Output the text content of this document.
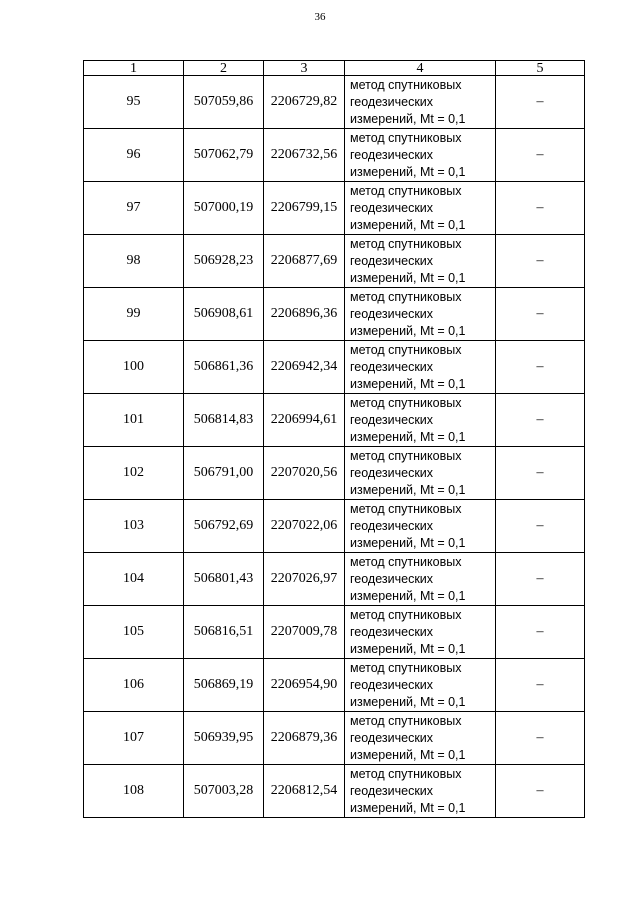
36
1	2	3	4	5
95	507059,86	2206729,82	метод спутниковых
геодезических
измерений, Mt = 0,1	–
96	507062,79	2206732,56	метод спутниковых
геодезических
измерений, Mt = 0,1	–
97	507000,19	2206799,15	метод спутниковых
геодезических
измерений, Mt = 0,1	–
98	506928,23	2206877,69	метод спутниковых
геодезических
измерений, Mt = 0,1	–
99	506908,61	2206896,36	метод спутниковых
геодезических
измерений, Mt = 0,1	–
100	506861,36	2206942,34	метод спутниковых
геодезических
измерений, Mt = 0,1	–
101	506814,83	2206994,61	метод спутниковых
геодезических
измерений, Mt = 0,1	–
102	506791,00	2207020,56	метод спутниковых
геодезических
измерений, Mt = 0,1	–
103	506792,69	2207022,06	метод спутниковых
геодезических
измерений, Mt = 0,1	–
104	506801,43	2207026,97	метод спутниковых
геодезических
измерений, Mt = 0,1	–
105	506816,51	2207009,78	метод спутниковых
геодезических
измерений, Mt = 0,1	–
106	506869,19	2206954,90	метод спутниковых
геодезических
измерений, Mt = 0,1	–
107	506939,95	2206879,36	метод спутниковых
геодезических
измерений, Mt = 0,1	–
108	507003,28	2206812,54	метод спутниковых
геодезических
измерений, Mt = 0,1	–
